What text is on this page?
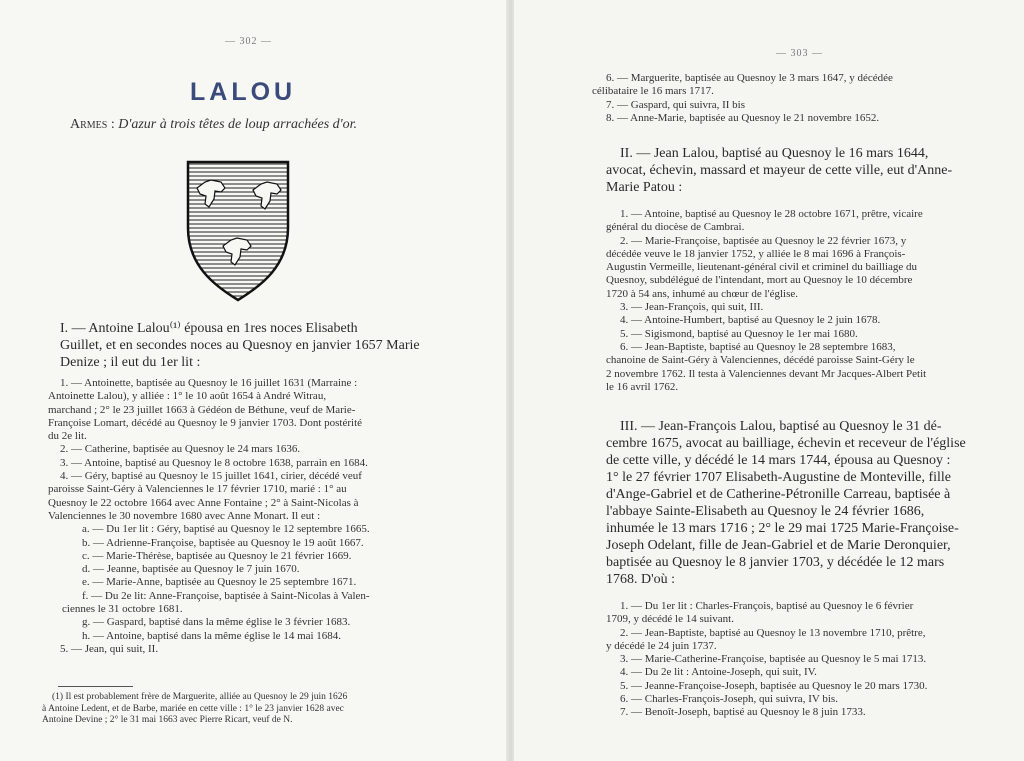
— 302 —
LALOU
Armes : D'azur à trois têtes de loup arrachées d'or.
I. — Antoine Lalou⁽¹⁾ épousa en 1res noces Elisabeth
Guillet, et en secondes noces au Quesnoy en janvier 1657 Marie
Denize ; il eut du 1er lit :
1. — Antoinette, baptisée au Quesnoy le 16 juillet 1631 (Marraine :
Antoinette Lalou), y alliée : 1° le 10 août 1654 à André Witrau,
marchand ; 2° le 23 juillet 1663 à Gédéon de Béthune, veuf de Marie-
Françoise Lomart, décédé au Quesnoy le 9 janvier 1703. Dont postérité
du 2e lit.
2. — Catherine, baptisée au Quesnoy le 24 mars 1636.
3. — Antoine, baptisé au Quesnoy le 8 octobre 1638, parrain en 1684.
4. — Géry, baptisé au Quesnoy le 15 juillet 1641, cirier, décédé veuf
paroisse Saint-Géry à Valenciennes le 17 février 1710, marié : 1° au
Quesnoy le 22 octobre 1664 avec Anne Fontaine ; 2° à Saint-Nicolas à
Valenciennes le 30 novembre 1680 avec Anne Monart. Il eut :
a. — Du 1er lit : Géry, baptisé au Quesnoy le 12 septembre 1665.
b. — Adrienne-Françoise, baptisée au Quesnoy le 19 août 1667.
c. — Marie-Thérèse, baptisée au Quesnoy le 21 février 1669.
d. — Jeanne, baptisée au Quesnoy le 7 juin 1670.
e. — Marie-Anne, baptisée au Quesnoy le 25 septembre 1671.
f. — Du 2e lit: Anne-Françoise, baptisée à Saint-Nicolas à Valen-
ciennes le 31 octobre 1681.
g. — Gaspard, baptisé dans la même église le 3 février 1683.
h. — Antoine, baptisé dans la même église le 14 mai 1684.
5. — Jean, qui suit, II.
(1) Il est probablement frère de Marguerite, alliée au Quesnoy le 29 juin 1626
à Antoine Ledent, et de Barbe, mariée en cette ville : 1° le 23 janvier 1628 avec
Antoine Devine ; 2° le 31 mai 1663 avec Pierre Ricart, veuf de N.
— 303 —
6. — Marguerite, baptisée au Quesnoy le 3 mars 1647, y décédée
célibataire le 16 mars 1717.
7. — Gaspard, qui suivra, II bis
8. — Anne-Marie, baptisée au Quesnoy le 21 novembre 1652.
II. — Jean Lalou, baptisé au Quesnoy le 16 mars 1644,
avocat, échevin, massard et mayeur de cette ville, eut d'Anne-
Marie Patou :
1. — Antoine, baptisé au Quesnoy le 28 octobre 1671, prêtre, vicaire
général du diocèse de Cambrai.
2. — Marie-Françoise, baptisée au Quesnoy le 22 février 1673, y
décédée veuve le 18 janvier 1752, y alliée le 8 mai 1696 à François-
Augustin Vermeille, lieutenant-général civil et criminel du bailliage du
Quesnoy, subdélégué de l'intendant, mort au Quesnoy le 10 décembre
1720 à 54 ans, inhumé au chœur de l'église.
3. — Jean-François, qui suit, III.
4. — Antoine-Humbert, baptisé au Quesnoy le 2 juin 1678.
5. — Sigismond, baptisé au Quesnoy le 1er mai 1680.
6. — Jean-Baptiste, baptisé au Quesnoy le 28 septembre 1683,
chanoine de Saint-Géry à Valenciennes, décédé paroisse Saint-Géry le
2 novembre 1762. Il testa à Valenciennes devant Mr Jacques-Albert Petit
le 16 avril 1762.
III. — Jean-François Lalou, baptisé au Quesnoy le 31 dé-
cembre 1675, avocat au bailliage, échevin et receveur de l'église
de cette ville, y décédé le 14 mars 1744, épousa au Quesnoy :
1° le 27 février 1707 Elisabeth-Augustine de Monteville, fille
d'Ange-Gabriel et de Catherine-Pétronille Carreau, baptisée à
l'abbaye Sainte-Elisabeth au Quesnoy le 24 février 1686,
inhumée le 13 mars 1716 ; 2° le 29 mai 1725 Marie-Françoise-
Joseph Odelant, fille de Jean-Gabriel et de Marie Deronquier,
baptisée au Quesnoy le 8 janvier 1703, y décédée le 12 mars
1768. D'où :
1. — Du 1er lit : Charles-François, baptisé au Quesnoy le 6 février
1709, y décédé le 14 suivant.
2. — Jean-Baptiste, baptisé au Quesnoy le 13 novembre 1710, prêtre,
y décédé le 24 juin 1737.
3. — Marie-Catherine-Françoise, baptisée au Quesnoy le 5 mai 1713.
4. — Du 2e lit : Antoine-Joseph, qui suit, IV.
5. — Jeanne-Françoise-Joseph, baptisée au Quesnoy le 20 mars 1730.
6. — Charles-François-Joseph, qui suivra, IV bis.
7. — Benoît-Joseph, baptisé au Quesnoy le 8 juin 1733.
